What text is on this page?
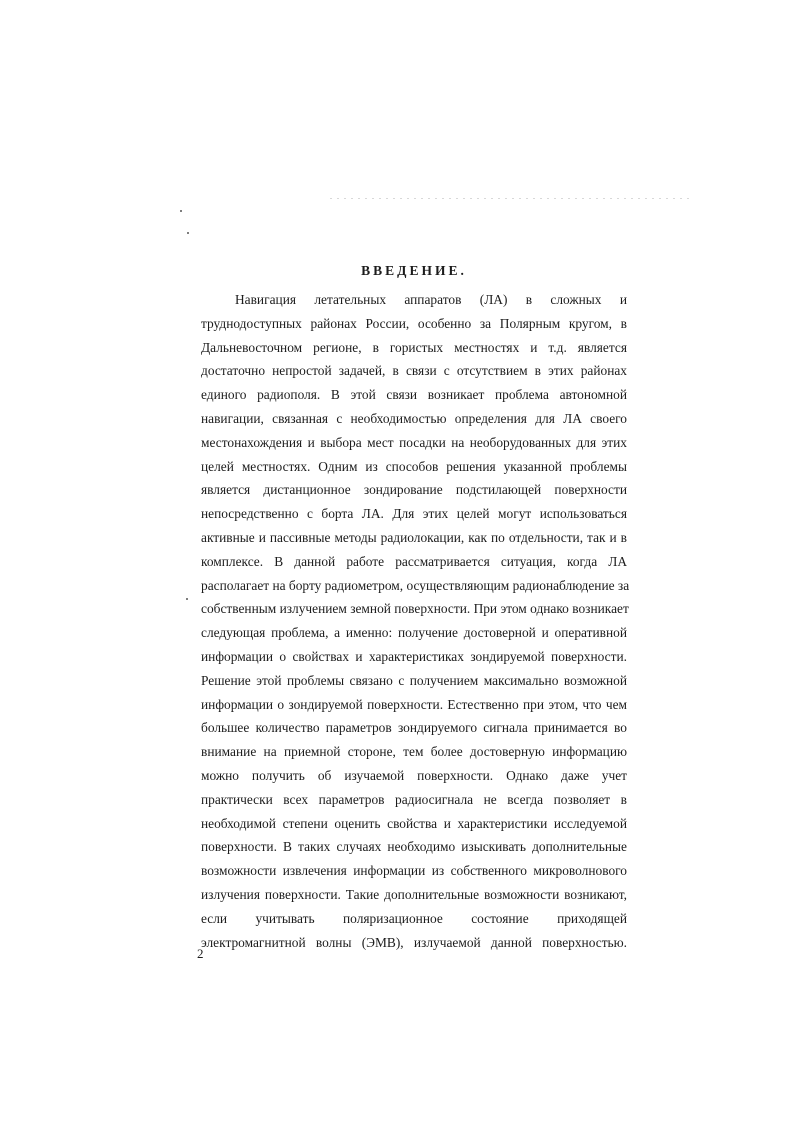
ВВЕДЕНИЕ.
Навигация летательных аппаратов (ЛА) в сложных и
труднодоступных районах России, особенно за Полярным кругом, в
Дальневосточном регионе, в гористых местностях и т.д. является
достаточно непростой задачей, в связи с отсутствием в этих районах
единого радиополя. В этой связи возникает проблема автономной
навигации, связанная с необходимостью определения для ЛА своего
местонахождения и выбора мест посадки на необорудованных для этих
целей местностях. Одним из способов решения указанной проблемы
является дистанционное зондирование подстилающей поверхности
непосредственно с борта ЛА. Для этих целей могут использоваться
активные и пассивные методы радиолокации, как по отдельности, так и в
комплексе. В данной работе рассматривается ситуация, когда ЛА
располагает на борту радиометром, осуществляющим радионаблюдение за
собственным излучением земной поверхности. При этом однако возникает
следующая проблема, а именно: получение достоверной и оперативной
информации о свойствах и характеристиках зондируемой поверхности.
Решение этой проблемы связано с получением максимально возможной
информации о зондируемой поверхности. Естественно при этом, что чем
большее количество параметров зондируемого сигнала принимается во
внимание на приемной стороне, тем более достоверную информацию
можно получить об изучаемой поверхности. Однако даже учет
практически всех параметров радиосигнала не всегда позволяет в
необходимой степени оценить свойства и характеристики исследуемой
поверхности. В таких случаях необходимо изыскивать дополнительные
возможности извлечения информации из собственного микроволнового
излучения поверхности. Такие дополнительные возможности возникают,
если учитывать поляризационное состояние приходящей
электромагнитной волны (ЭМВ), излучаемой данной поверхностью.
2
